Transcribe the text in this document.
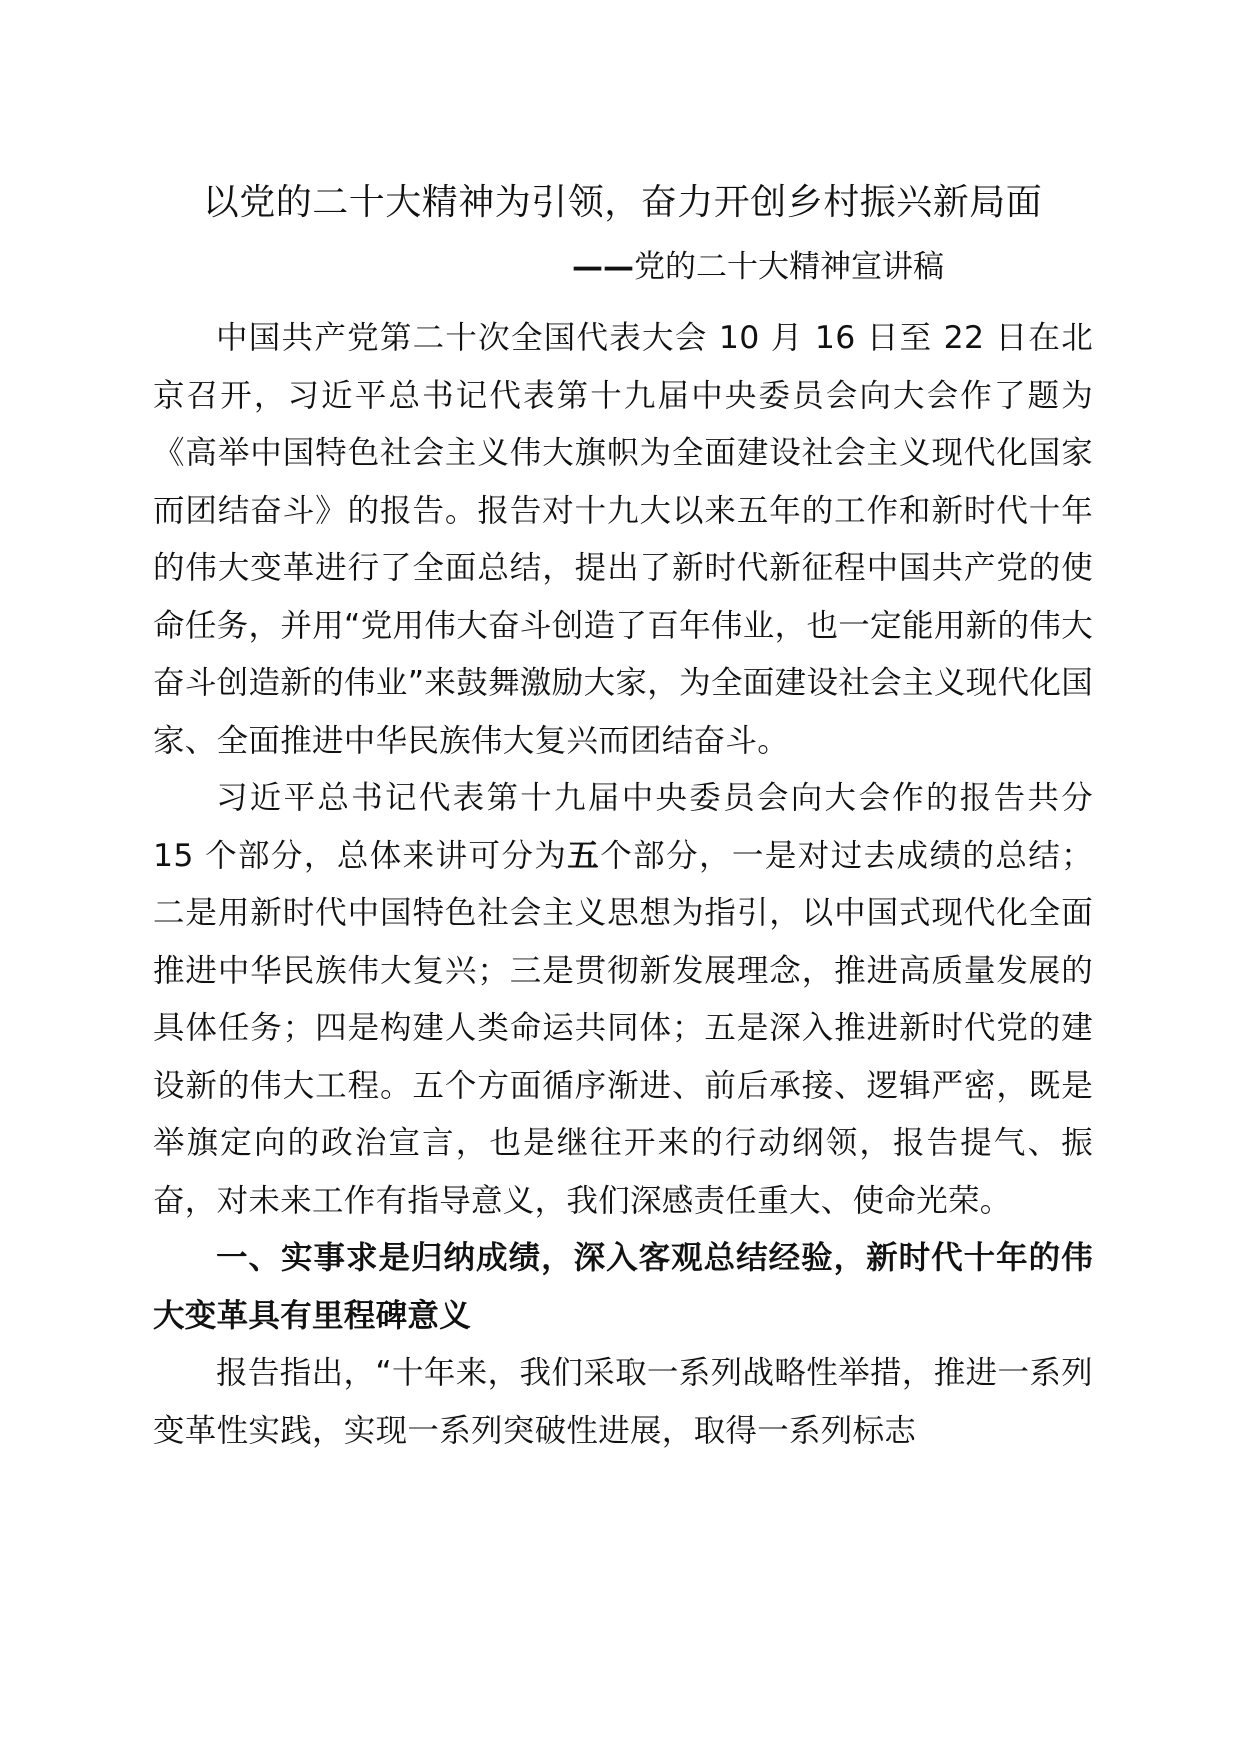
以党的二十大精神为引领，奋力开创乡村振兴新局面
——党的二十大精神宣讲稿

中国共产党第二十次全国代表大会 10 月 16 日至 22 日在北京召开，习近平总书记代表第十九届中央委员会向大会作了题为《高举中国特色社会主义伟大旗帜为全面建设社会主义现代化国家而团结奋斗》的报告。报告对十九大以来五年的工作和新时代十年的伟大变革进行了全面总结，提出了新时代新征程中国共产党的使命任务，并用“党用伟大奋斗创造了百年伟业，也一定能用新的伟大奋斗创造新的伟业”来鼓舞激励大家，为全面建设社会主义现代化国家、全面推进中华民族伟大复兴而团结奋斗。

习近平总书记代表第十九届中央委员会向大会作的报告共分 15 个部分，总体来讲可分为五个部分，一是对过去成绩的总结；二是用新时代中国特色社会主义思想为指引，以中国式现代化全面推进中华民族伟大复兴；三是贯彻新发展理念，推进高质量发展的具体任务；四是构建人类命运共同体；五是深入推进新时代党的建设新的伟大工程。五个方面循序渐进、前后承接、逻辑严密，既是举旗定向的政治宣言，也是继往开来的行动纲领，报告提气、振奋，对未来工作有指导意义，我们深感责任重大、使命光荣。

一、实事求是归纳成绩，深入客观总结经验，新时代十年的伟大变革具有里程碑意义

报告指出，“十年来，我们采取一系列战略性举措，推进一系列变革性实践，实现一系列突破性进展，取得一系列标志
